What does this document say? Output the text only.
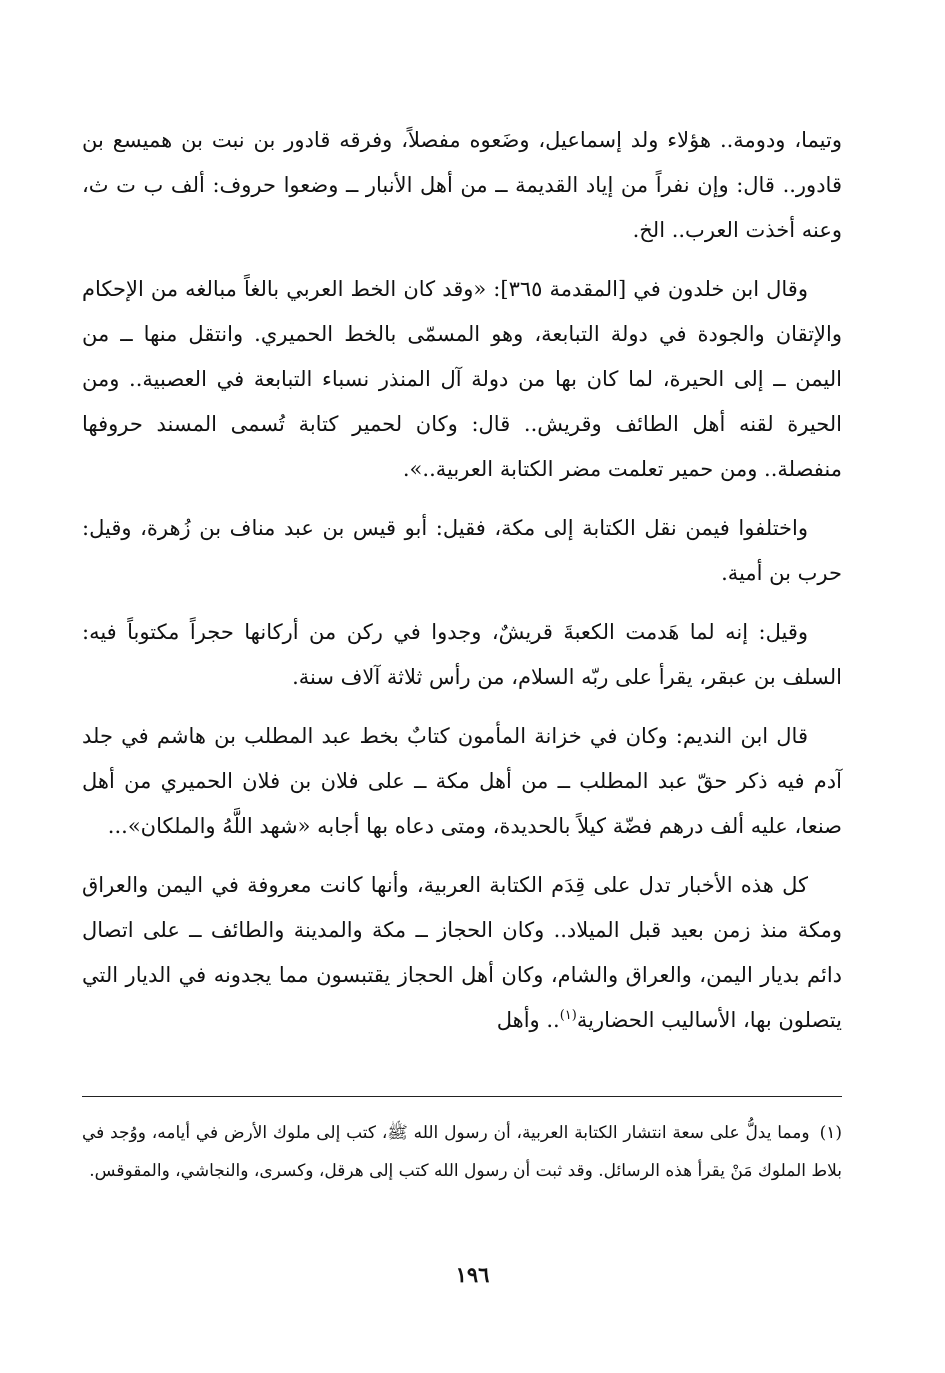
وتيما، ودومة.. هؤلاء ولد إسماعيل، وضَعوه مفصلاً، وفرقه قادور بن نبت بن هميسع بن قادور.. قال: وإن نفراً من إياد القديمة ــ من أهل الأنبار ــ وضعوا حروف: ألف ب ت ث، وعنه أخذت العرب.. الخ.

وقال ابن خلدون في [المقدمة ٣٦٥]: «وقد كان الخط العربي بالغاً مبالغه من الإحكام والإتقان والجودة في دولة التبابعة، وهو المسمّى بالخط الحميري. وانتقل منها ــ من اليمن ــ إلى الحيرة، لما كان بها من دولة آل المنذر نسباء التبابعة في العصبية.. ومن الحيرة لقنه أهل الطائف وقريش.. قال: وكان لحمير كتابة تُسمى المسند حروفها منفصلة.. ومن حمير تعلمت مضر الكتابة العربية..».

واختلفوا فيمن نقل الكتابة إلى مكة، فقيل: أبو قيس بن عبد مناف بن زُهرة، وقيل: حرب بن أمية.

وقيل: إنه لما هَدمت الكعبةَ قريشٌ، وجدوا في ركن من أركانها حجراً مكتوباً فيه: السلف بن عبقر، يقرأ على ربّه السلام، من رأس ثلاثة آلاف سنة.

قال ابن النديم: وكان في خزانة المأمون كتابٌ بخط عبد المطلب بن هاشم في جلد آدم فيه ذكر حقّ عبد المطلب ــ من أهل مكة ــ على فلان بن فلان الحميري من أهل صنعا، عليه ألف درهم فضّة كيلاً بالحديدة، ومتى دعاه بها أجابه «شهد اللَّهُ والملكان»...

كل هذه الأخبار تدل على قِدَم الكتابة العربية، وأنها كانت معروفة في اليمن والعراق ومكة منذ زمن بعيد قبل الميلاد.. وكان الحجاز ــ مكة والمدينة والطائف ــ على اتصال دائم بديار اليمن، والعراق والشام، وكان أهل الحجاز يقتبسون مما يجدونه في الديار التي يتصلون بها، الأساليب الحضارية$^{(١)}$.. وأهل

(١)ومما يدلُّ على سعة انتشار الكتابة العربية، أن رسول الله ﷺ، كتب إلى ملوك الأرض في أيامه، ووُجد في بلاط الملوك مَنْ يقرأ هذه الرسائل. وقد ثبت أن رسول الله كتب إلى هرقل، وكسرى، والنجاشي، والمقوقس.
١٩٦
